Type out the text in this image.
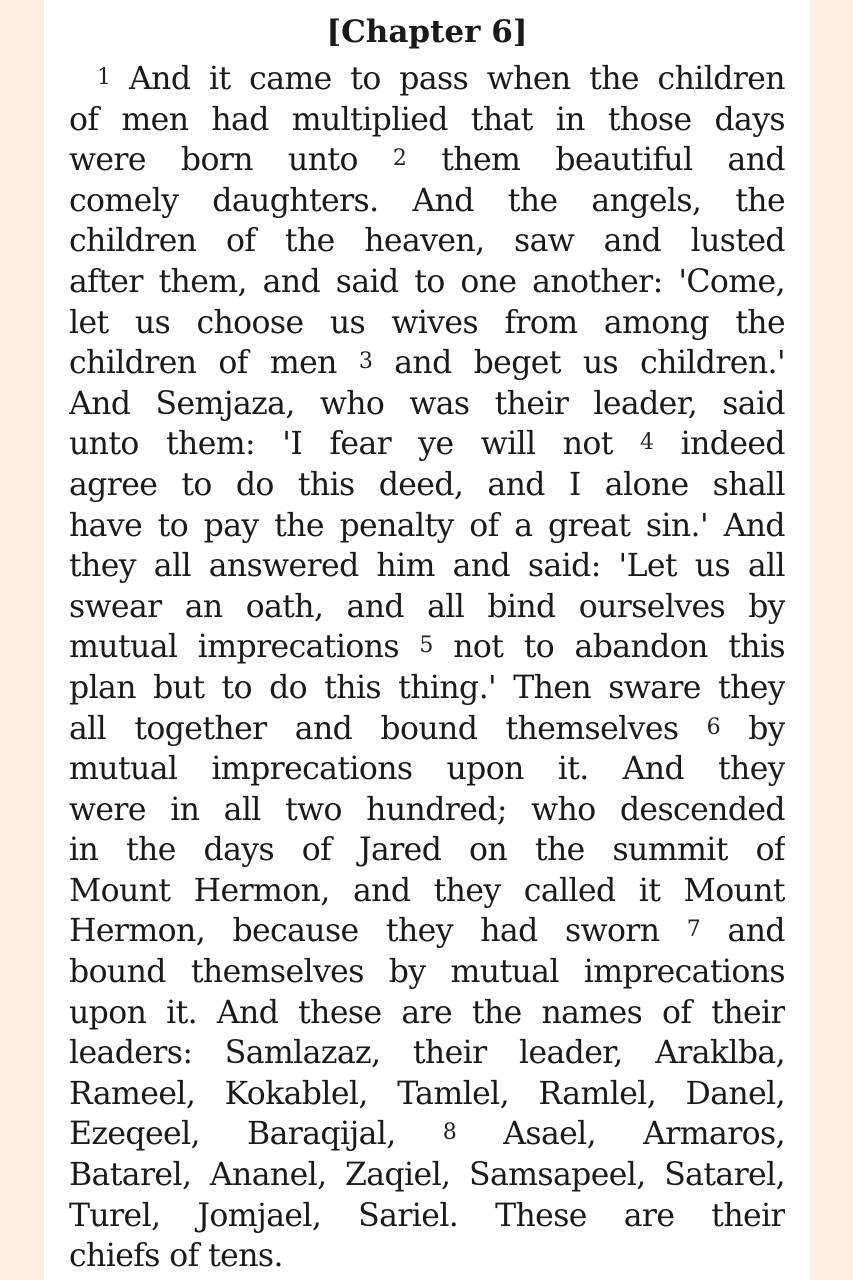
[Chapter 6]
1 And it came to pass when the children
of men had multiplied that in those days
were born unto 2 them beautiful and
comely daughters. And the angels, the
children of the heaven, saw and lusted
after them, and said to one another: 'Come,
let us choose us wives from among the
children of men 3 and beget us children.'
And Semjaza, who was their leader, said
unto them: 'I fear ye will not 4 indeed
agree to do this deed, and I alone shall
have to pay the penalty of a great sin.' And
they all answered him and said: 'Let us all
swear an oath, and all bind ourselves by
mutual imprecations 5 not to abandon this
plan but to do this thing.' Then sware they
all together and bound themselves 6 by
mutual imprecations upon it. And they
were in all two hundred; who descended
in the days of Jared on the summit of
Mount Hermon, and they called it Mount
Hermon, because they had sworn 7 and
bound themselves by mutual imprecations
upon it. And these are the names of their
leaders: Samlazaz, their leader, Araklba,
Rameel, Kokablel, Tamlel, Ramlel, Danel,
Ezeqeel, Baraqijal, 8 Asael, Armaros,
Batarel, Ananel, Zaqiel, Samsapeel, Satarel,
Turel, Jomjael, Sariel. These are their
chiefs of tens.
